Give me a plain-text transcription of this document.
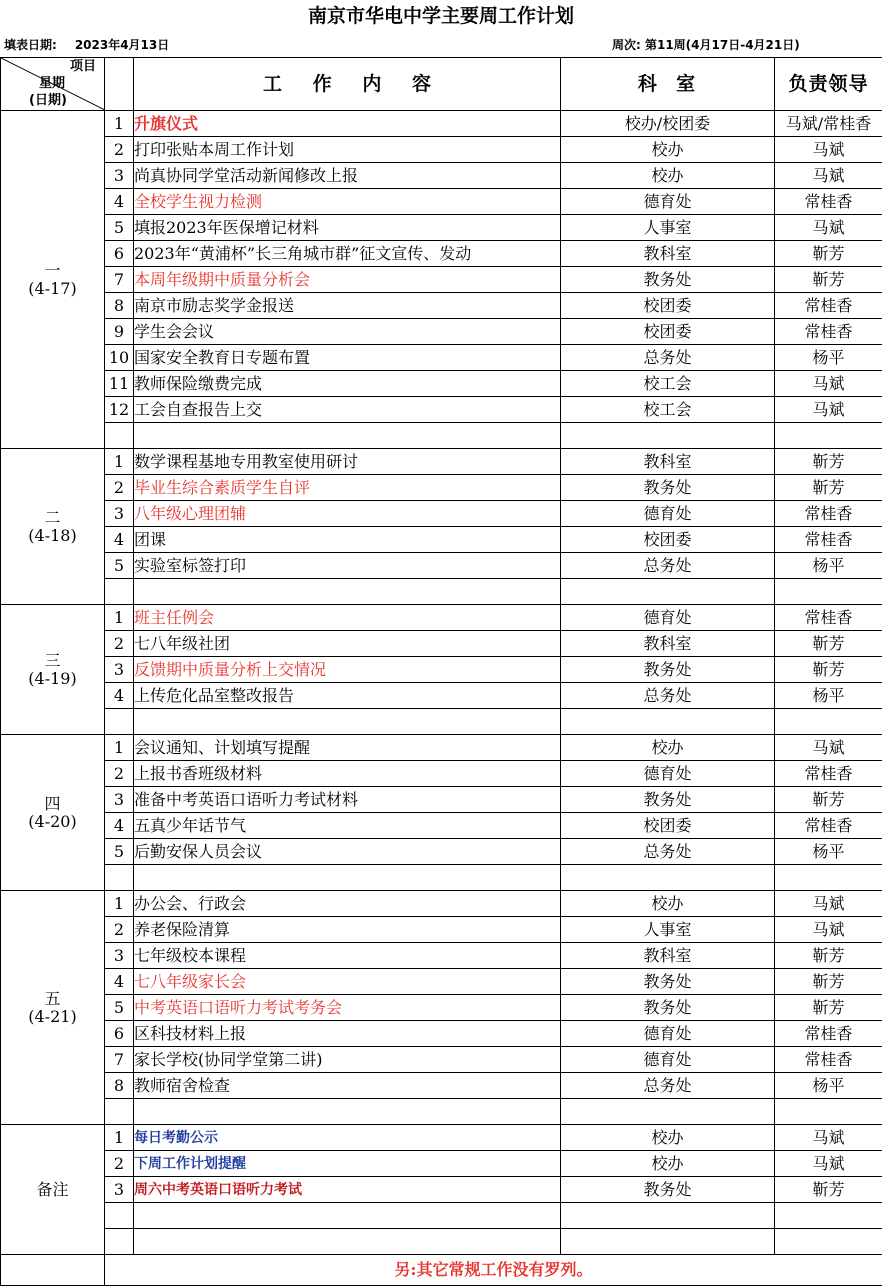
南京市华电中学主要周工作计划
填表日期: 2023年4月13日	周次: 第11周(4月17日-4月21日)
项目
星期
(日期)		工 作 内 容	科  室	负责领导

一
(4-17)	1	升旗仪式	校办/校团委	马斌/常桂香
	2	打印张贴本周工作计划	校办	马斌
	3	尚真协同学堂活动新闻修改上报	校办	马斌
	4	全校学生视力检测	德育处	常桂香
	5	填报2023年医保增记材料	人事室	马斌
	6	2023年“黄浦杯”长三角城市群”征文宣传、发动	教科室	靳芳
	7	本周年级期中质量分析会	教务处	靳芳
	8	南京市励志奖学金报送	校团委	常桂香
	9	学生会会议	校团委	常桂香
	10	国家安全教育日专题布置	总务处	杨平
	11	教师保险缴费完成	校工会	马斌
	12	工会自查报告上交	校工会	马斌

二
(4-18)	1	数学课程基地专用教室使用研讨	教科室	靳芳
	2	毕业生综合素质学生自评	教务处	靳芳
	3	八年级心理团辅	德育处	常桂香
	4	团课	校团委	常桂香
	5	实验室标签打印	总务处	杨平

三
(4-19)	1	班主任例会	德育处	常桂香
	2	七八年级社团	教科室	靳芳
	3	反馈期中质量分析上交情况	教务处	靳芳
	4	上传危化品室整改报告	总务处	杨平

四
(4-20)	1	会议通知、计划填写提醒	校办	马斌
	2	上报书香班级材料	德育处	常桂香
	3	准备中考英语口语听力考试材料	教务处	靳芳
	4	五真少年话节气	校团委	常桂香
	5	后勤安保人员会议	总务处	杨平

五
(4-21)	1	办公会、行政会	校办	马斌
	2	养老保险清算	人事室	马斌
	3	七年级校本课程	教科室	靳芳
	4	七八年级家长会	教务处	靳芳
	5	中考英语口语听力考试考务会	教务处	靳芳
	6	区科技材料上报	德育处	常桂香
	7	家长学校(协同学堂第二讲)	德育处	常桂香
	8	教师宿舍检查	总务处	杨平

备注	1	每日考勤公示	校办	马斌
	2	下周工作计划提醒	校办	马斌
	3	周六中考英语口语听力考试	教务处	靳芳

	另:其它常规工作没有罗列。			
